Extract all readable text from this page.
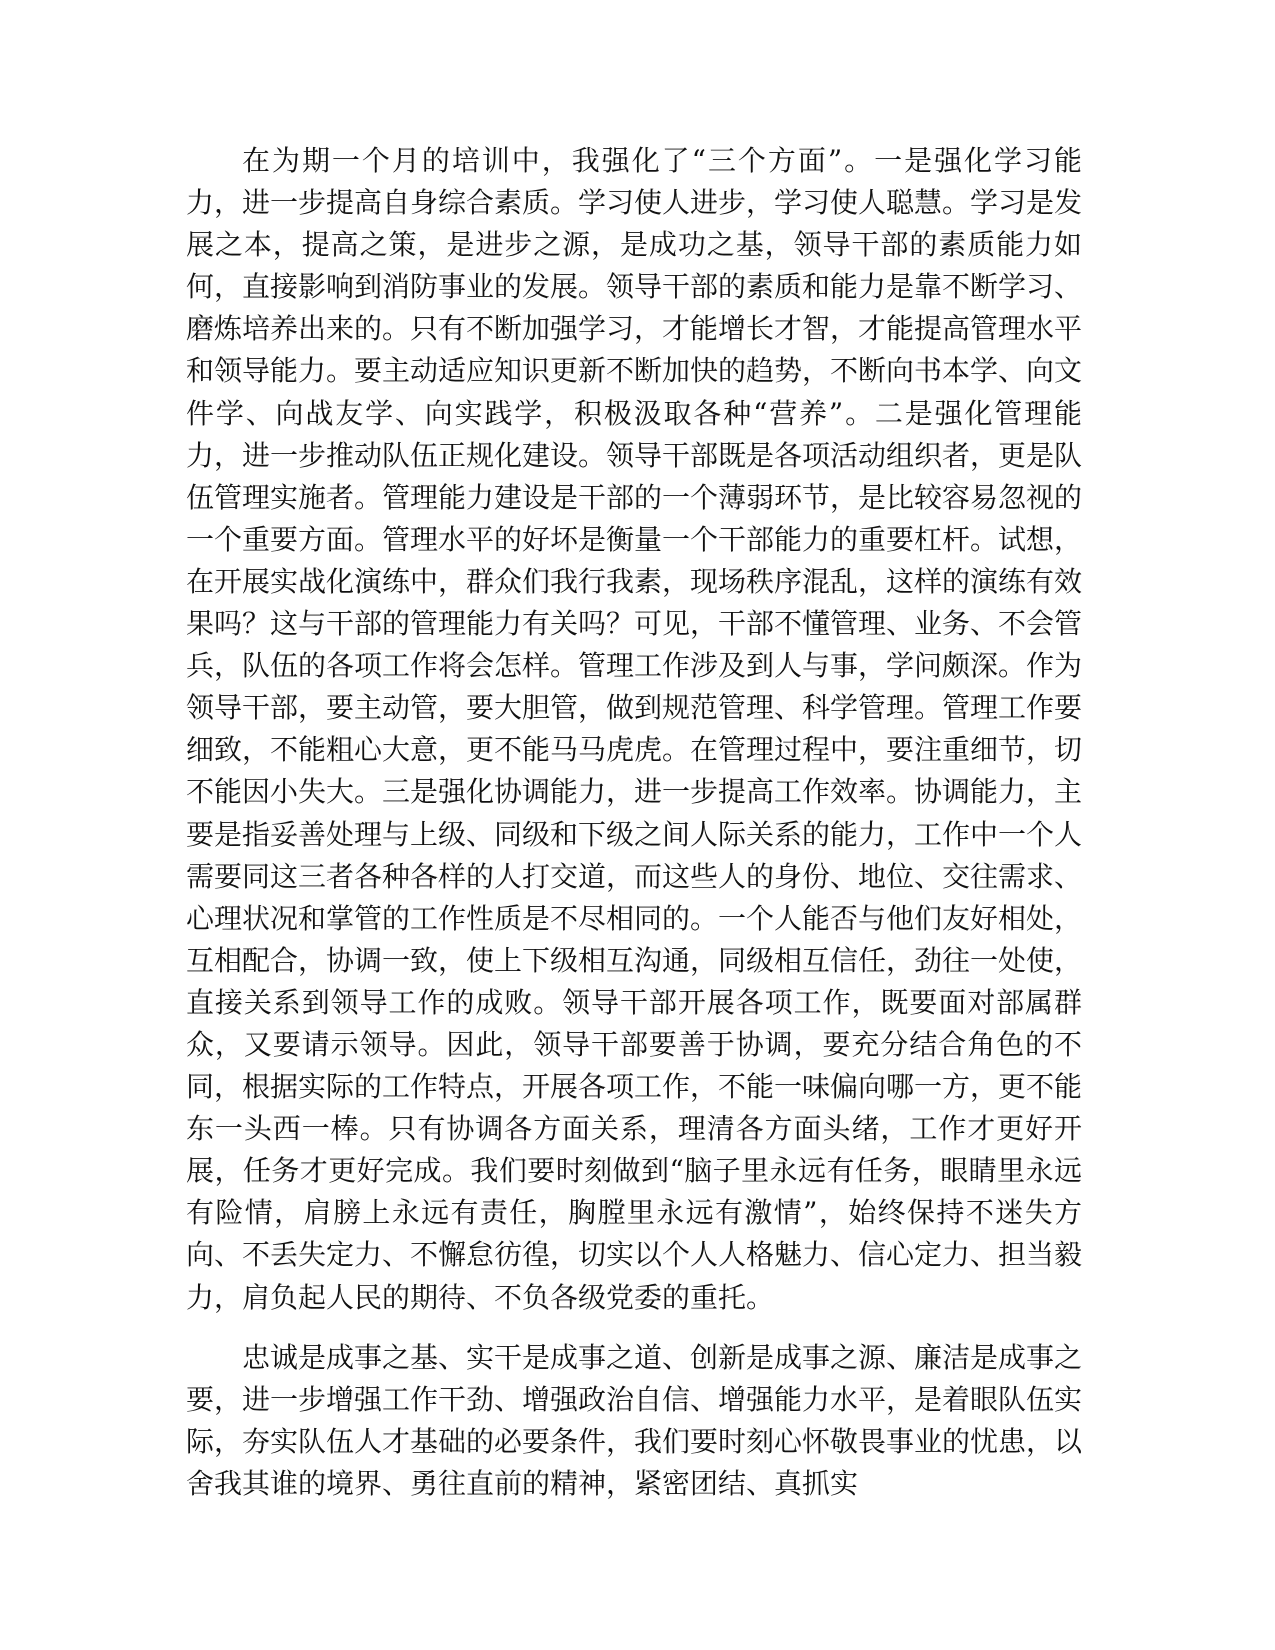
在为期一个月的培训中，我强化了“三个方面”。一是强化学习能力，进一步提高自身综合素质。学习使人进步，学习使人聪慧。学习是发展之本，提高之策，是进步之源，是成功之基，领导干部的素质能力如何，直接影响到消防事业的发展。领导干部的素质和能力是靠不断学习、磨炼培养出来的。只有不断加强学习，才能增长才智，才能提高管理水平和领导能力。要主动适应知识更新不断加快的趋势，不断向书本学、向文件学、向战友学、向实践学，积极汲取各种“营养”。二是强化管理能力，进一步推动队伍正规化建设。领导干部既是各项活动组织者，更是队伍管理实施者。管理能力建设是干部的一个薄弱环节，是比较容易忽视的一个重要方面。管理水平的好坏是衡量一个干部能力的重要杠杆。试想，在开展实战化演练中，群众们我行我素，现场秩序混乱，这样的演练有效果吗？这与干部的管理能力有关吗？可见，干部不懂管理、业务、不会管兵，队伍的各项工作将会怎样。管理工作涉及到人与事，学问颇深。作为领导干部，要主动管，要大胆管，做到规范管理、科学管理。管理工作要细致，不能粗心大意，更不能马马虎虎。在管理过程中，要注重细节，切不能因小失大。三是强化协调能力，进一步提高工作效率。协调能力，主要是指妥善处理与上级、同级和下级之间人际关系的能力，工作中一个人需要同这三者各种各样的人打交道，而这些人的身份、地位、交往需求、心理状况和掌管的工作性质是不尽相同的。一个人能否与他们友好相处，互相配合，协调一致，使上下级相互沟通，同级相互信任，劲往一处使，直接关系到领导工作的成败。领导干部开展各项工作，既要面对部属群众，又要请示领导。因此，领导干部要善于协调，要充分结合角色的不同，根据实际的工作特点，开展各项工作，不能一味偏向哪一方，更不能东一头西一棒。只有协调各方面关系，理清各方面头绪，工作才更好开展，任务才更好完成。我们要时刻做到“脑子里永远有任务，眼睛里永远有险情，肩膀上永远有责任，胸膛里永远有激情”，始终保持不迷失方向、不丢失定力、不懈怠彷徨，切实以个人人格魅力、信心定力、担当毅力，肩负起人民的期待、不负各级党委的重托。

忠诚是成事之基、实干是成事之道、创新是成事之源、廉洁是成事之要，进一步增强工作干劲、增强政治自信、增强能力水平，是着眼队伍实际，夯实队伍人才基础的必要条件，我们要时刻心怀敬畏事业的忧患，以舍我其谁的境界、勇往直前的精神，紧密团结、真抓实
